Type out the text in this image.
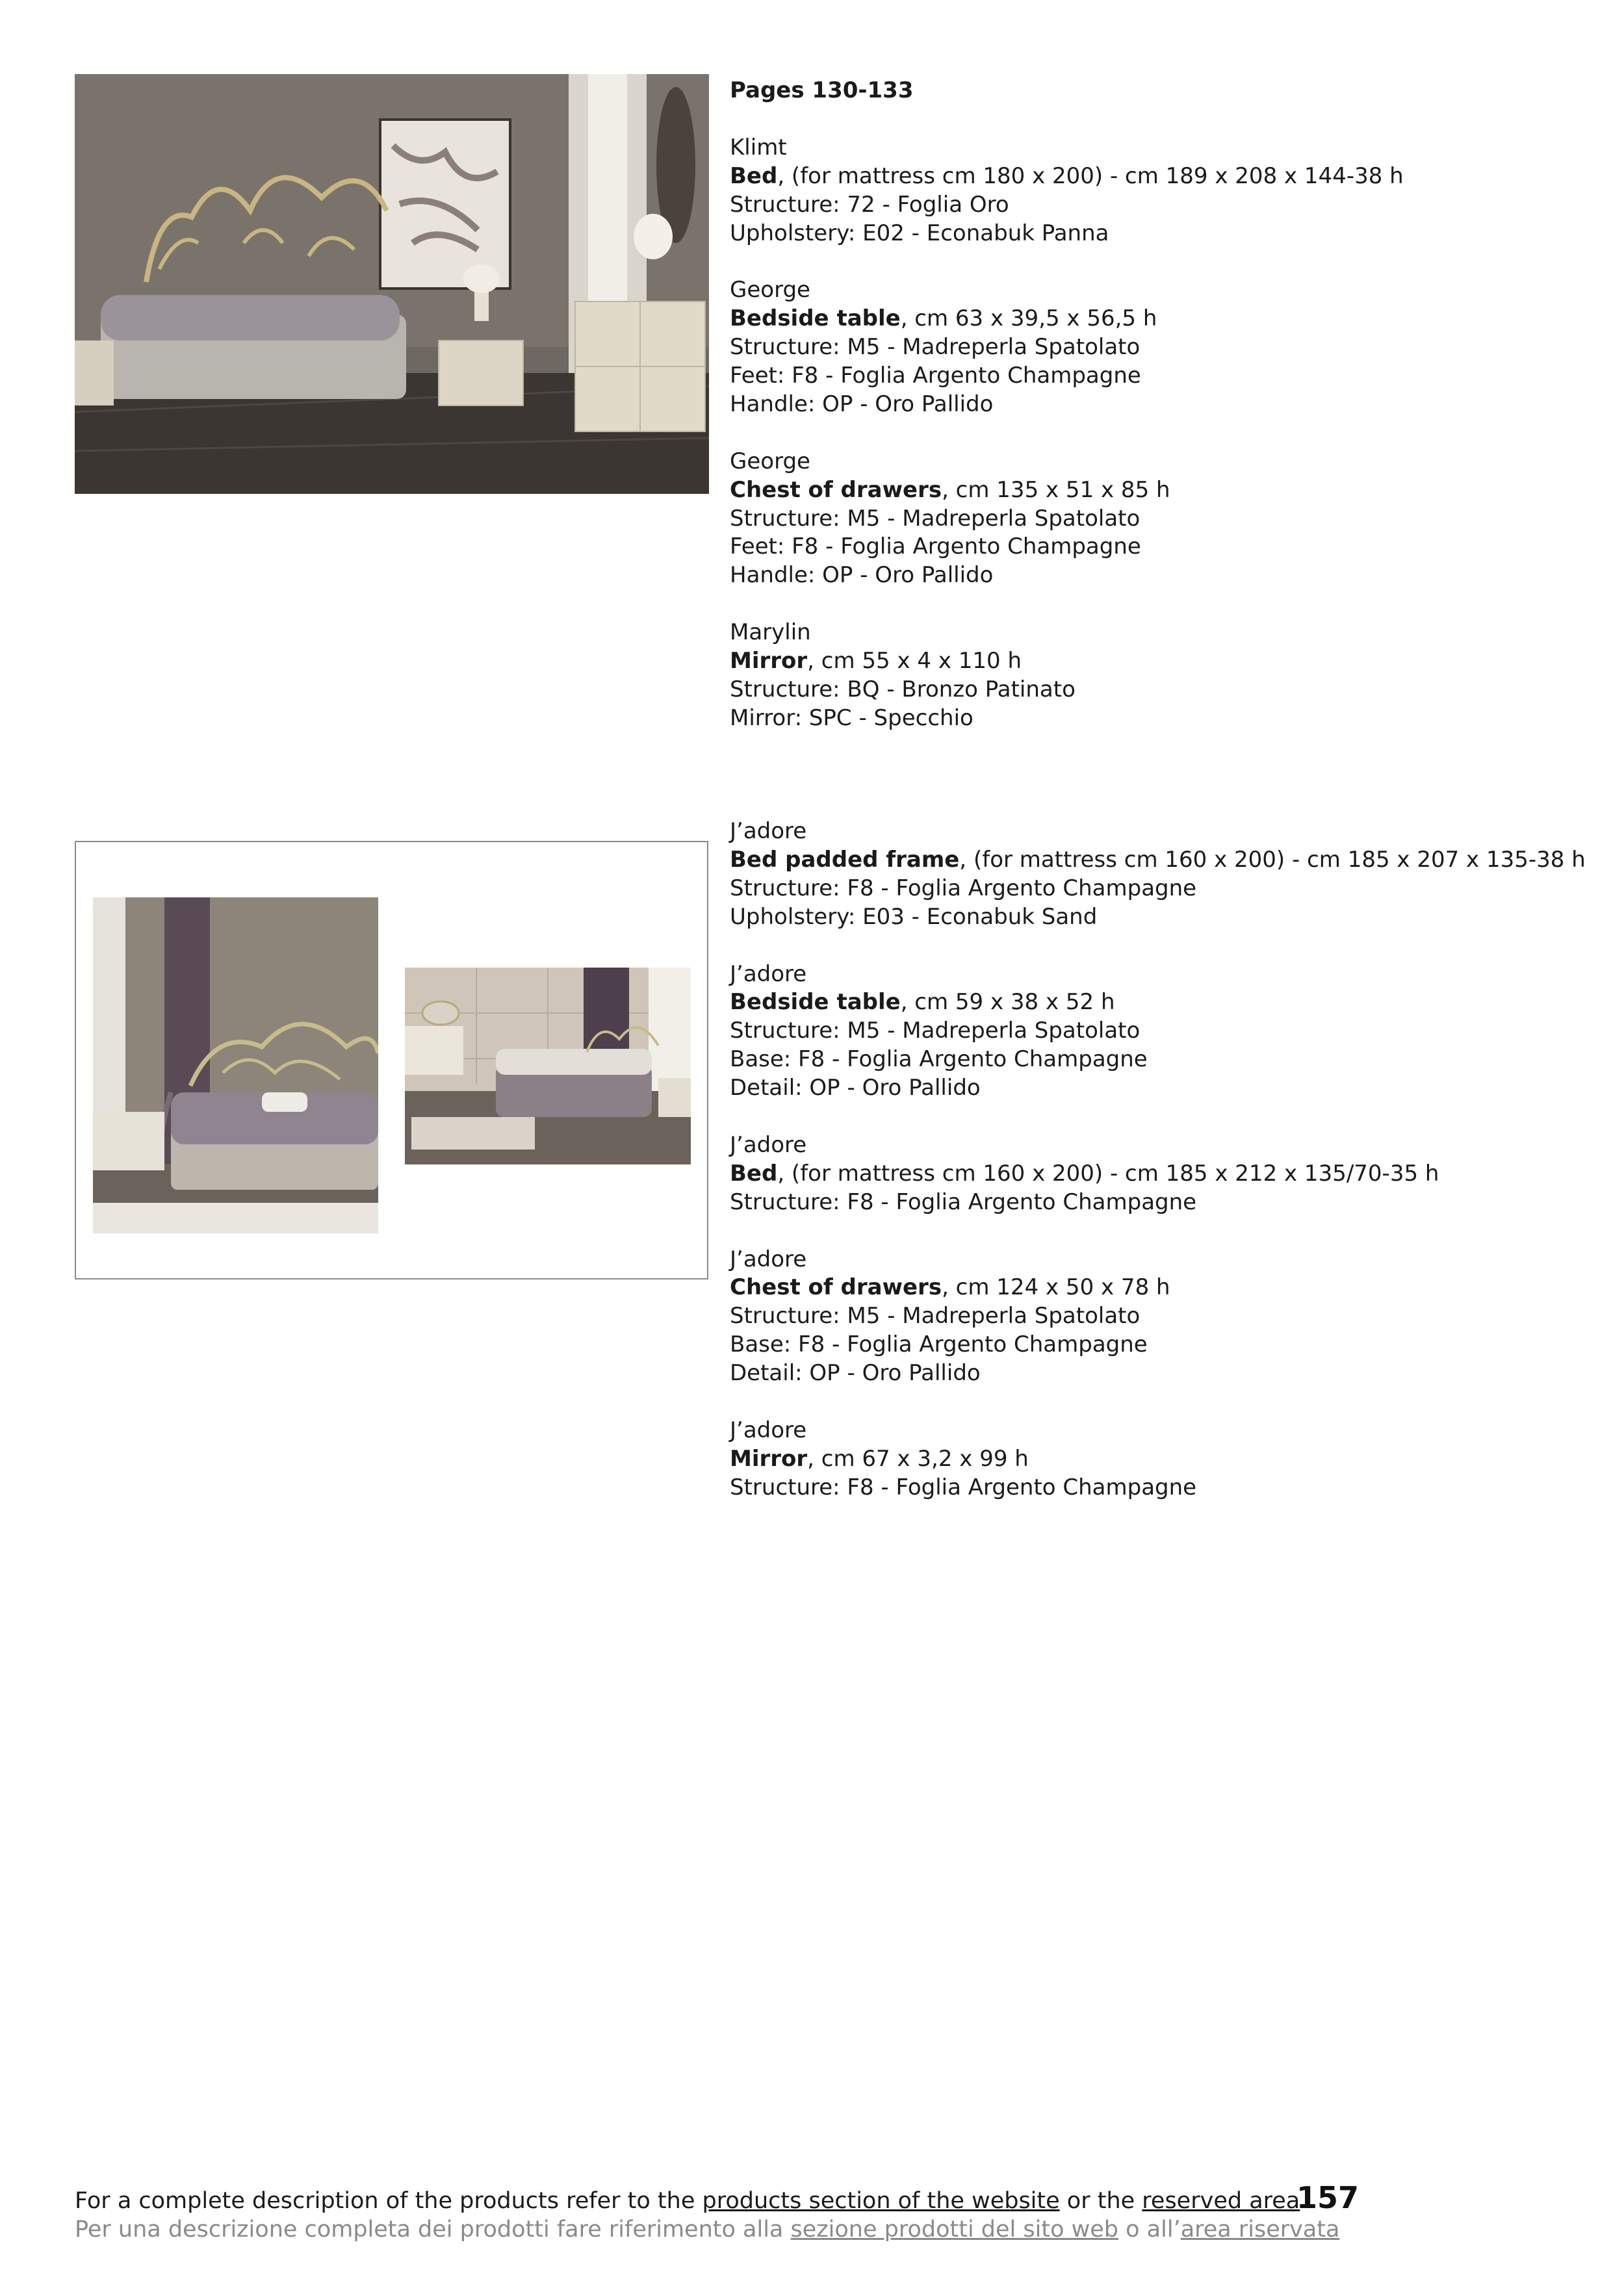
Pages 130-133
Klimt
Bed, (for mattress cm 180 x 200) - cm 189 x 208 x 144-38 h
Structure: 72 - Foglia Oro
Upholstery: E02 - Econabuk Panna
George
Bedside table, cm 63 x 39,5 x 56,5 h
Structure: M5 - Madreperla Spatolato
Feet: F8 - Foglia Argento Champagne
Handle: OP - Oro Pallido
George
Chest of drawers, cm 135 x 51 x 85 h
Structure: M5 - Madreperla Spatolato
Feet: F8 - Foglia Argento Champagne
Handle: OP - Oro Pallido
Marylin
Mirror, cm 55 x 4 x 110 h
Structure: BQ - Bronzo Patinato
Mirror: SPC - Specchio
J’adore
Bed padded frame, (for mattress cm 160 x 200) - cm 185 x 207 x 135-38 h
Structure: F8 - Foglia Argento Champagne
Upholstery: E03 - Econabuk Sand
J’adore
Bedside table, cm 59 x 38 x 52 h
Structure: M5 - Madreperla Spatolato
Base: F8 - Foglia Argento Champagne
Detail: OP - Oro Pallido
J’adore
Bed, (for mattress cm 160 x 200) - cm 185 x 212 x 135/70-35 h
Structure: F8 - Foglia Argento Champagne
J’adore
Chest of drawers, cm 124 x 50 x 78 h
Structure: M5 - Madreperla Spatolato
Base: F8 - Foglia Argento Champagne
Detail: OP - Oro Pallido
J’adore
Mirror, cm 67 x 3,2 x 99 h
Structure: F8 - Foglia Argento Champagne
For a complete description of the products refer to the products section of the website or the reserved area
Per una descrizione completa dei prodotti fare riferimento alla sezione prodotti del sito web o all’area riservata
157
